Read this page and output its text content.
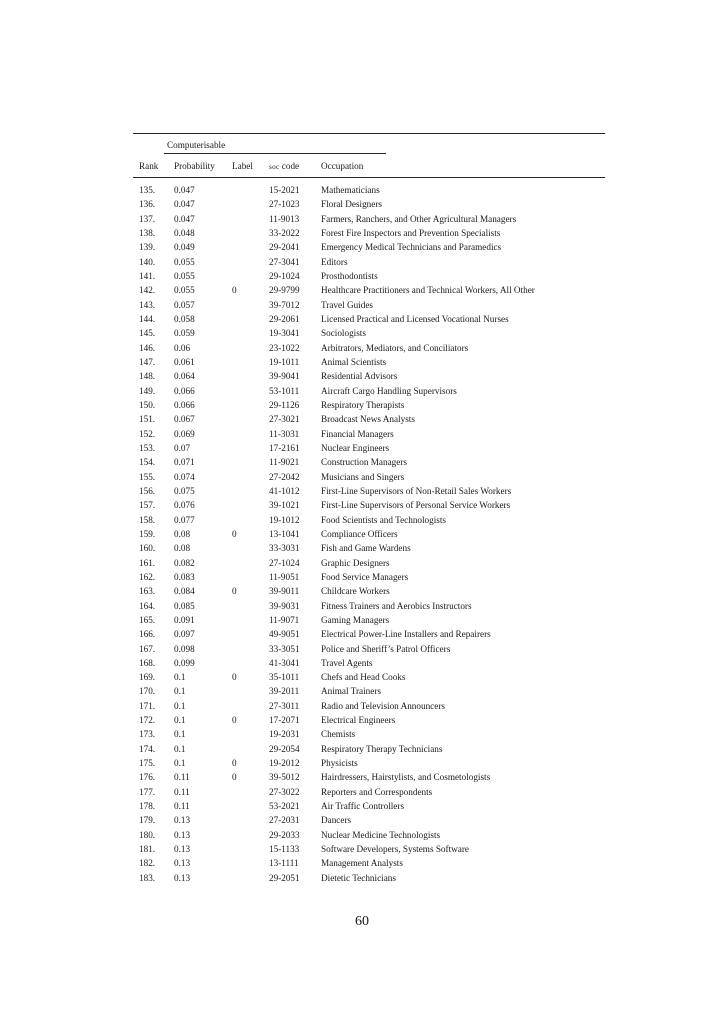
Computerisable
Rank Probability Label soc code Occupation
135. 0.047	15-2021 Mathematicians
136. 0.047	27-1023 Floral Designers
137. 0.047	11-9013 Farmers, Ranchers, and Other Agricultural Managers
138. 0.048	33-2022 Forest Fire Inspectors and Prevention Specialists
139. 0.049	29-2041 Emergency Medical Technicians and Paramedics
140. 0.055	27-3041 Editors
141. 0.055	29-1024 Prosthodontists
142. 0.055	0	29-9799 Healthcare Practitioners and Technical Workers, All Other
143. 0.057	39-7012 Travel Guides
144. 0.058	29-2061 Licensed Practical and Licensed Vocational Nurses
145. 0.059	19-3041 Sociologists
146. 0.06	23-1022 Arbitrators, Mediators, and Conciliators
147. 0.061	19-1011 Animal Scientists
148. 0.064	39-9041 Residential Advisors
149. 0.066	53-1011 Aircraft Cargo Handling Supervisors
150. 0.066	29-1126 Respiratory Therapists
151. 0.067	27-3021 Broadcast News Analysts
152. 0.069	11-3031 Financial Managers
153. 0.07	17-2161 Nuclear Engineers
154. 0.071	11-9021 Construction Managers
155. 0.074	27-2042 Musicians and Singers
156. 0.075	41-1012 First-Line Supervisors of Non-Retail Sales Workers
157. 0.076	39-1021 First-Line Supervisors of Personal Service Workers
158. 0.077	19-1012 Food Scientists and Technologists
159. 0.08	0	13-1041 Compliance Officers
160. 0.08	33-3031 Fish and Game Wardens
161. 0.082	27-1024 Graphic Designers
162. 0.083	11-9051 Food Service Managers
163. 0.084	0	39-9011 Childcare Workers
164. 0.085	39-9031 Fitness Trainers and Aerobics Instructors
165. 0.091	11-9071 Gaming Managers
166. 0.097	49-9051 Electrical Power-Line Installers and Repairers
167. 0.098	33-3051 Police and Sheriff’s Patrol Officers
168. 0.099	41-3041 Travel Agents
169. 0.1	0	35-1011 Chefs and Head Cooks
170. 0.1	39-2011 Animal Trainers
171. 0.1	27-3011 Radio and Television Announcers
172. 0.1	0	17-2071 Electrical Engineers
173. 0.1	19-2031 Chemists
174. 0.1	29-2054 Respiratory Therapy Technicians
175. 0.1	0	19-2012 Physicists
176. 0.11	0	39-5012 Hairdressers, Hairstylists, and Cosmetologists
177. 0.11	27-3022 Reporters and Correspondents
178. 0.11	53-2021 Air Traffic Controllers
179. 0.13	27-2031 Dancers
180. 0.13	29-2033 Nuclear Medicine Technologists
181. 0.13	15-1133 Software Developers, Systems Software
182. 0.13	13-1111 Management Analysts
183. 0.13	29-2051 Dietetic Technicians
60
